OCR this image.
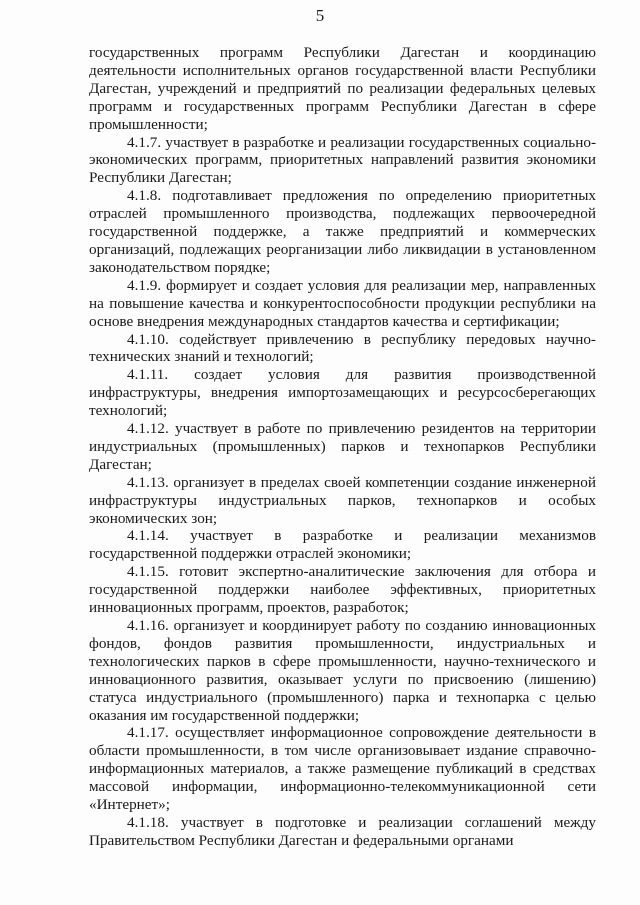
5

государственных программ Республики Дагестан и координацию деятельности исполнительных органов государственной власти Республики Дагестан, учреждений и предприятий по реализации федеральных целевых программ и государственных программ Республики Дагестан в сфере промышленности;

4.1.7. участвует в разработке и реализации государственных социально-экономических программ, приоритетных направлений развития экономики Республики Дагестан;

4.1.8. подготавливает предложения по определению приоритетных отраслей промышленного производства, подлежащих первоочередной государственной поддержке, а также предприятий и коммерческих организаций, подлежащих реорганизации либо ликвидации в установленном законодательством порядке;

4.1.9. формирует и создает условия для реализации мер, направленных на повышение качества и конкурентоспособности продукции республики на основе внедрения международных стандартов качества и сертификации;

4.1.10. содействует привлечению в республику передовых научно-технических знаний и технологий;

4.1.11. создает условия для развития производственной инфраструктуры, внедрения импортозамещающих и ресурсосберегающих технологий;

4.1.12. участвует в работе по привлечению резидентов на территории индустриальных (промышленных) парков и технопарков Республики Дагестан;

4.1.13. организует в пределах своей компетенции создание инженерной инфраструктуры индустриальных парков, технопарков и особых экономических зон;

4.1.14. участвует в разработке и реализации механизмов государственной поддержки отраслей экономики;

4.1.15. готовит экспертно-аналитические заключения для отбора и государственной поддержки наиболее эффективных, приоритетных инновационных программ, проектов, разработок;

4.1.16. организует и координирует работу по созданию инновационных фондов, фондов развития промышленности, индустриальных и технологических парков в сфере промышленности, научно-технического и инновационного развития, оказывает услуги по присвоению (лишению) статуса индустриального (промышленного) парка и технопарка с целью оказания им государственной поддержки;

4.1.17. осуществляет информационное сопровождение деятельности в области промышленности, в том числе организовывает издание справочно-информационных материалов, а также размещение публикаций в средствах массовой информации, информационно-телекоммуникационной сети «Интернет»;

4.1.18. участвует в подготовке и реализации соглашений между Правительством Республики Дагестан и федеральными органами
